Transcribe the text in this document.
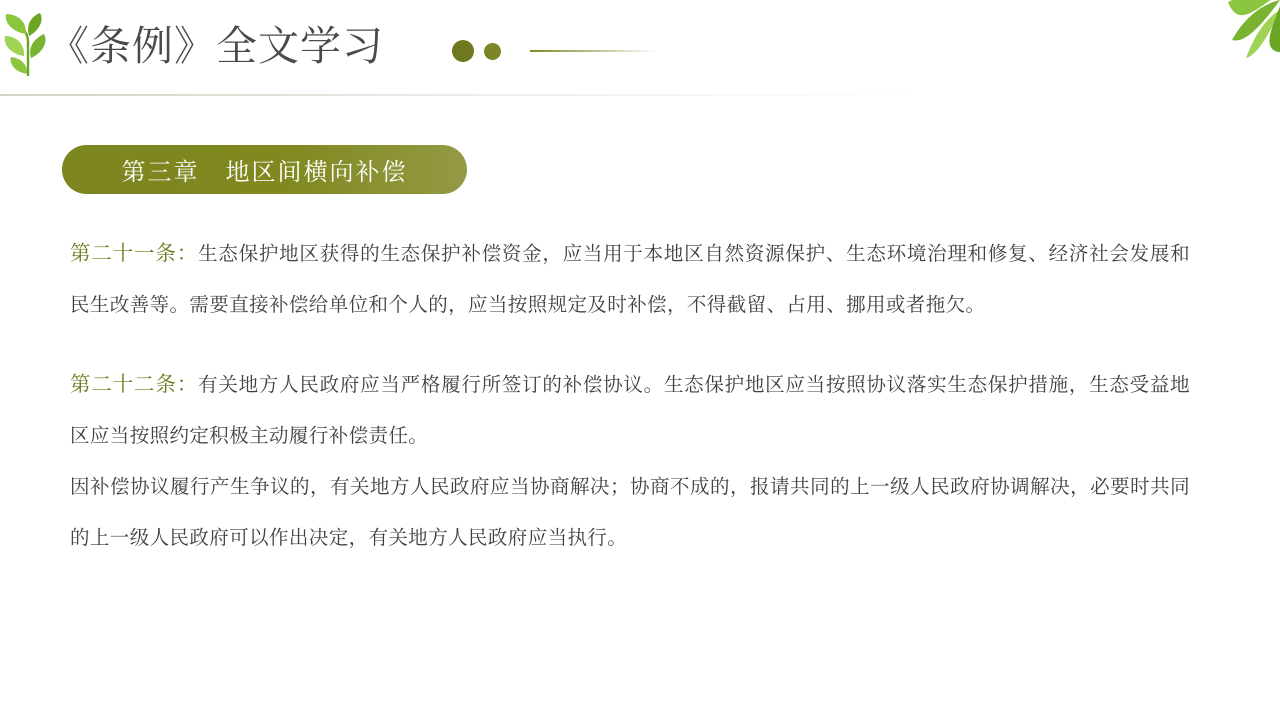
《条例》全文学习
第三章　地区间横向补偿

第二十一条：生态保护地区获得的生态保护补偿资金，应当用于本地区自然资源保护、生态环境治理和修复、经济社会发展和民生改善等。需要直接补偿给单位和个人的，应当按照规定及时补偿，不得截留、占用、挪用或者拖欠。

第二十二条：有关地方人民政府应当严格履行所签订的补偿协议。生态保护地区应当按照协议落实生态保护措施，生态受益地区应当按照约定积极主动履行补偿责任。

因补偿协议履行产生争议的，有关地方人民政府应当协商解决；协商不成的，报请共同的上一级人民政府协调解决，必要时共同的上一级人民政府可以作出决定，有关地方人民政府应当执行。
